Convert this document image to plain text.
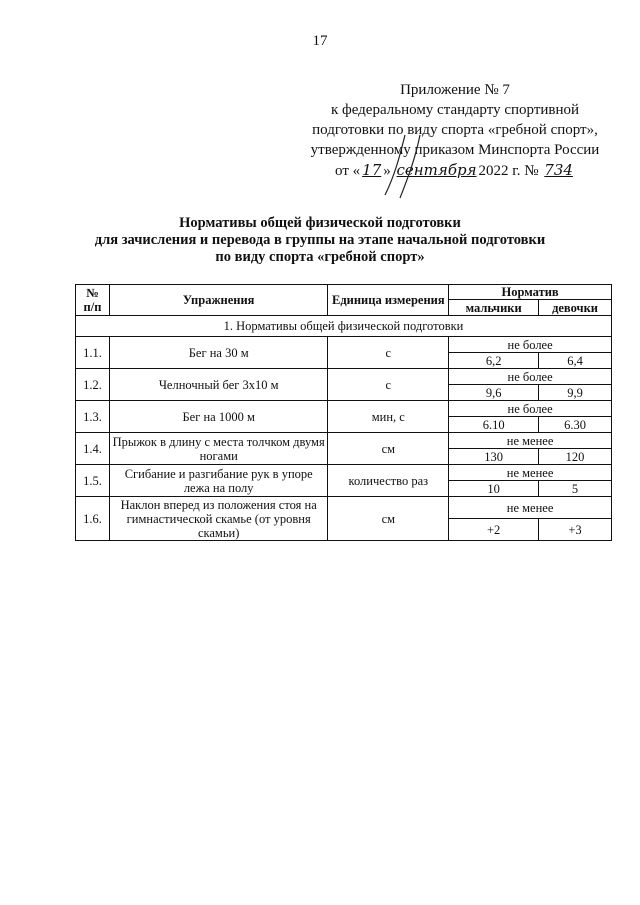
17
Приложение № 7
к федеральному стандарту спортивной
подготовки по виду спорта «гребной спорт»,
утвержденному приказом Минспорта России
от « 17 » сентября 2022 г. № 734
Нормативы общей физической подготовки
для зачисления и перевода в группы на этапе начальной подготовки
по виду спорта «гребной спорт»
№
п/п	Упражнения	Единица измерения	Норматив	
			мальчики	девочки
1. Нормативы общей физической подготовки				
1.1.	Бег на 30 м	с	не более	
			6,2	6,4
1.2.	Челночный бег 3х10 м	с	не более	
			9,6	9,9
1.3.	Бег на 1000 м	мин, с	не более	
			6.10	6.30
1.4.	Прыжок в длину с места толчком двумя ногами	см	не менее	
			130	120
1.5.	Сгибание и разгибание рук в упоре лежа на полу	количество раз	не менее	
			10	5
1.6.	Наклон вперед из положения стоя на гимнастической скамье (от уровня скамьи)	см	не менее	
			+2	+3
